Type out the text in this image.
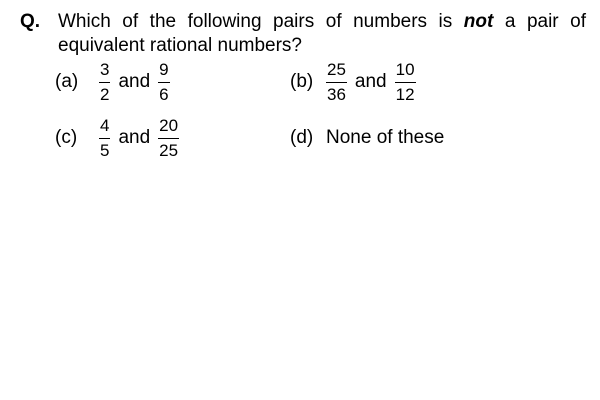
Q. Which of the following pairs of numbers is not a pair of equivalent rational numbers?
(a)	$\frac{3}{2}$ and $\frac{9}{6}$	$(b) \frac{25}{36}$ and $\frac{10}{12}$
(c)	$\frac{4}{5}$ and $\frac{20}{25}$	(d) None of these
